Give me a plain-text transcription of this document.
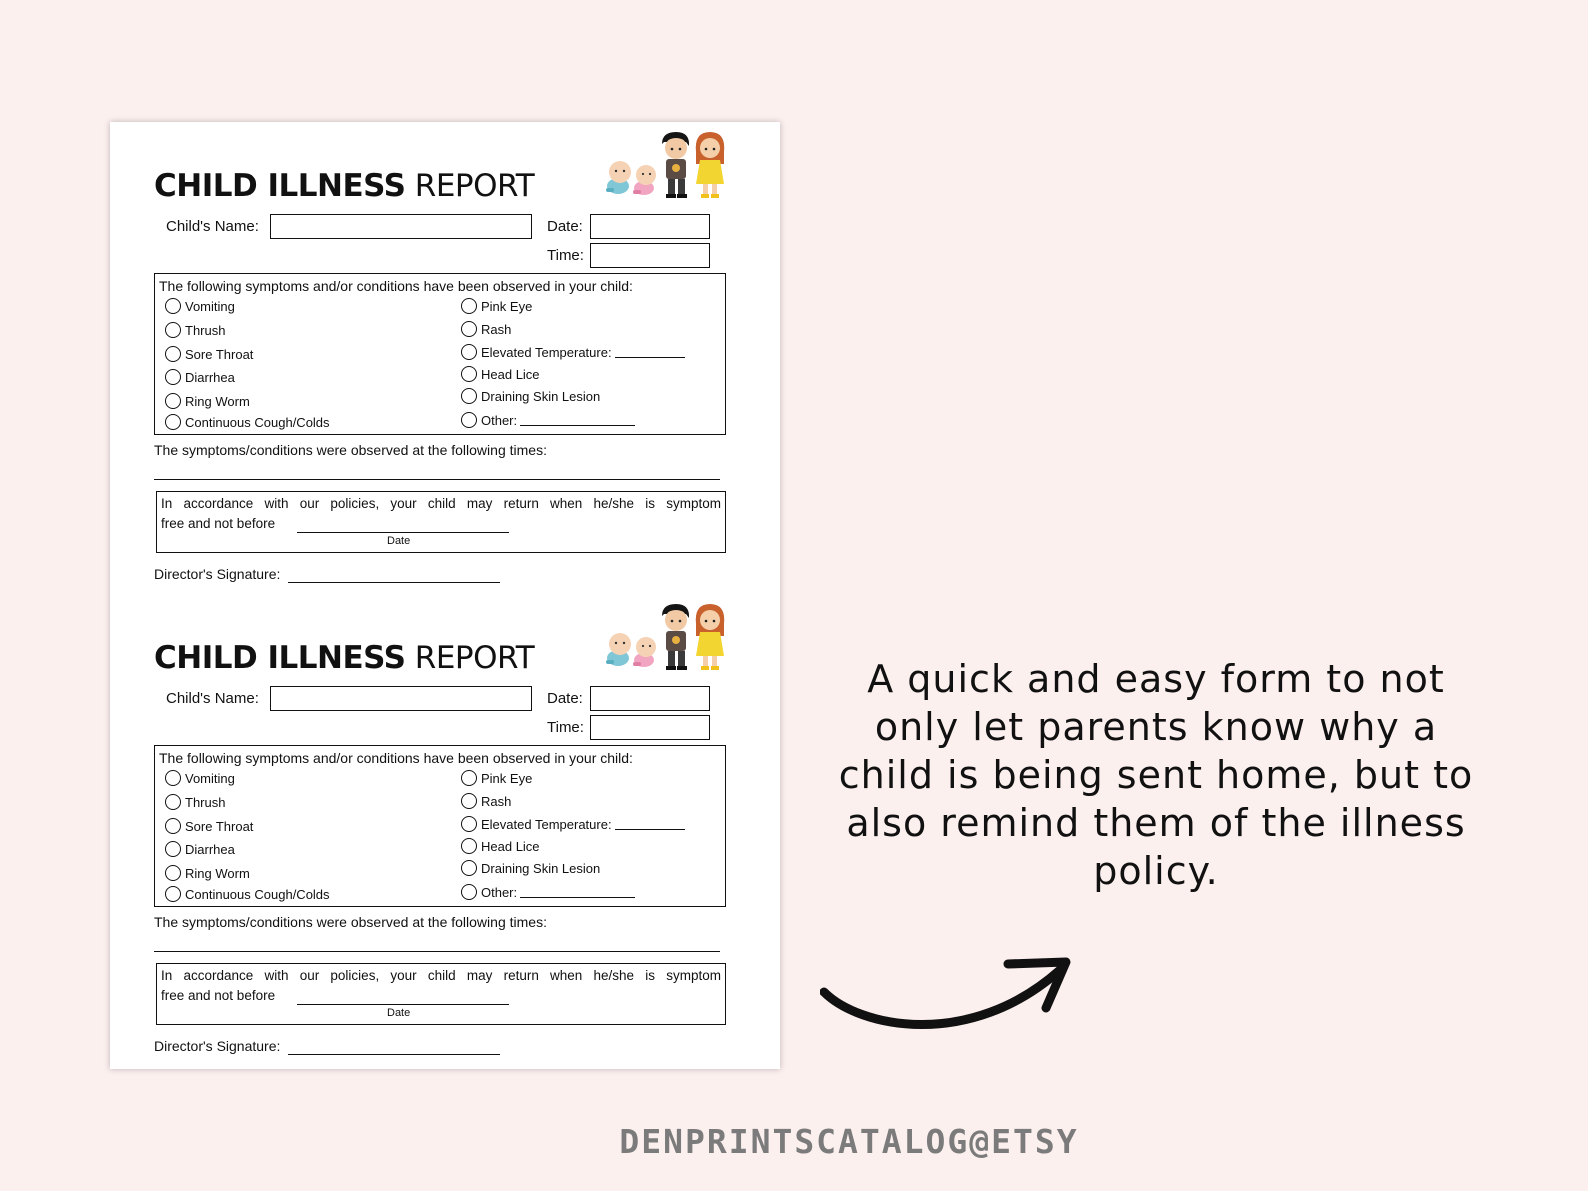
CHILD ILLNESS REPORT
Child's Name:	Date:
Time:
The following symptoms and/or conditions have been observed in your child:
Vomiting
Thrush
Sore Throat
Diarrhea
Ring Worm
Continuous Cough/Colds
Pink Eye
Rash
Elevated Temperature:
Head Lice
Draining Skin Lesion
Other:
The symptoms/conditions were observed at the following times:
In accordance with our policies, your child may return when he/she is symptom
free and not before
Date
Director's Signature:
CHILD ILLNESS REPORT
Child's Name:	Date:
Time:
The following symptoms and/or conditions have been observed in your child:
Vomiting
Thrush
Sore Throat
Diarrhea
Ring Worm
Continuous Cough/Colds
Pink Eye
Rash
Elevated Temperature:
Head Lice
Draining Skin Lesion
Other:
The symptoms/conditions were observed at the following times:
In accordance with our policies, your child may return when he/she is symptom
free and not before
Date
Director's Signature:
A quick and easy form to not only let parents know why a child is being sent home, but to also remind them of the illness policy.
DENPRINTSCATALOG@ETSY
